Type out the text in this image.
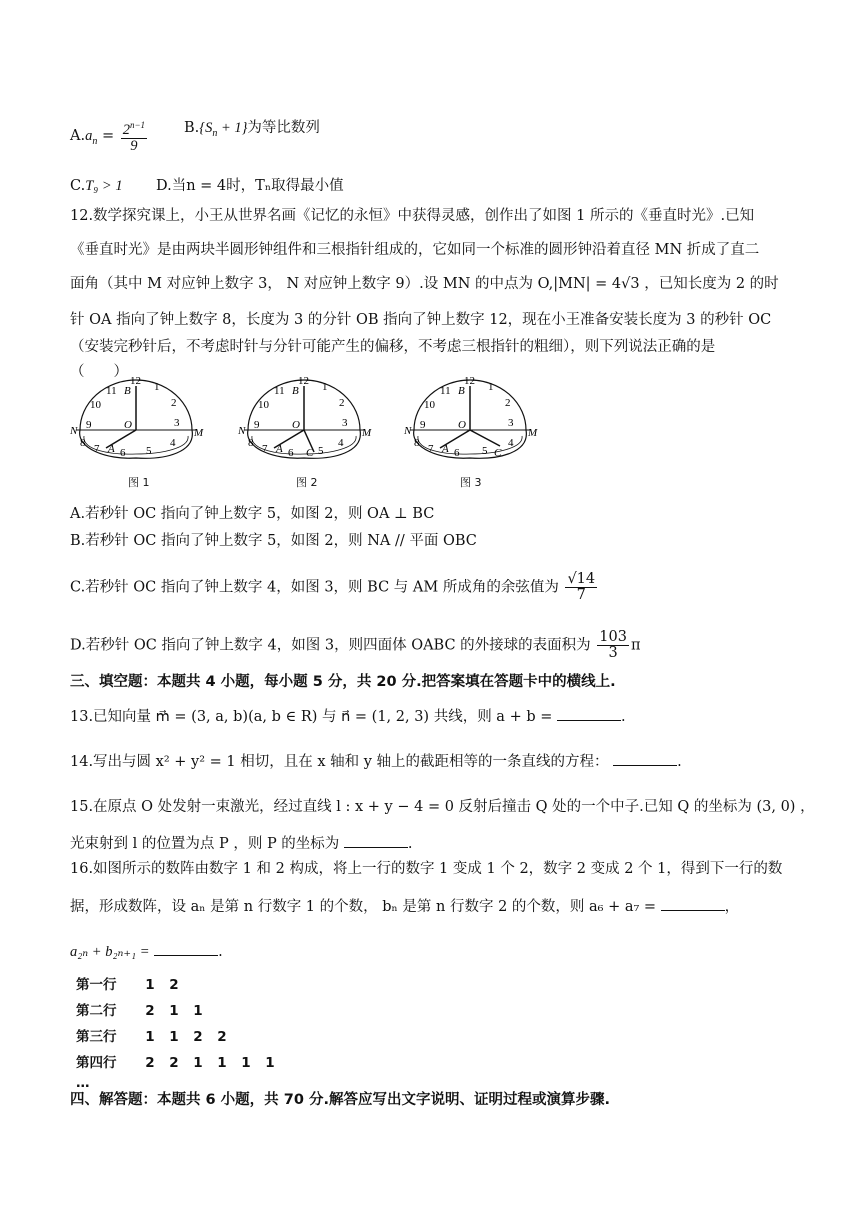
$A.a_n = \frac{2^{n-1}}{9}$	$B.\{S_n + 1\}$为等比数列
C.T₉ > 1 D.当n = 4时，Tₙ取得最小值
12.数学探究课上，小王从世界名画《记忆的永恒》中获得灵感，创作出了如图 1 所示的《垂直时光》.已知
《垂直时光》是由两块半圆形钟组件和三根指针组成的，它如同一个标准的圆形钟沿着直径 MN 折成了直二
面角（其中 M 对应钟上数字 3， N 对应钟上数字 9）.设 MN 的中点为 O,|MN| = 4√3 ，已知长度为 2 的时
针 OA 指向了钟上数字 8，长度为 3 的分针 OB 指向了钟上数字 12，现在小王准备安装长度为 3 的秒针 OC
（安装完秒针后，不考虑时针与分针可能产生的偏移，不考虑三根指针的粗细），则下列说法正确的是
（　　）
12 1
2
3
4
5
6
7
8
9
10
11 B
O
A
N	M
图 1
12 1
2
3
4
5
6
7
8
9
10
11 B
O
A C
N	M
图 2
12 1
2
3
4
5
6
7
8
9
10
11 B
O
A	C
N	M
图 3
A.若秒针 OC 指向了钟上数字 5，如图 2，则 OA ⊥ BC
B.若秒针 OC 指向了钟上数字 5，如图 2，则 NA // 平面 OBC
C.若秒针 OC 指向了钟上数字 4，如图 3，则 BC 与 AM 所成角的余弦值为 $\frac{√14}{7}$
D.若秒针 OC 指向了钟上数字 4，如图 3，则四面体 OABC 的外接球的表面积为 $\frac{103}{3}$ π
三、填空题：本题共 4 小题，每小题 5 分，共 20 分.把答案填在答题卡中的横线上.
13.已知向量 m⃗ = (3, a, b)(a, b ∈ R) 与 n⃗ = (1, 2, 3) 共线，则 a + b =	.
14.写出与圆 x² + y² = 1 相切，且在 x 轴和 y 轴上的截距相等的一条直线的方程：	.
15.在原点 O 处发射一束激光，经过直线 l : x + y − 4 = 0 反射后撞击 Q 处的一个中子.已知 Q 的坐标为 (3, 0) ，
光束射到 l 的位置为点 P ，则 P 的坐标为	.
16.如图所示的数阵由数字 1 和 2 构成，将上一行的数字 1 变成 1 个 2，数字 2 变成 2 个 1，得到下一行的数
据，形成数阵，设 aₙ 是第 n 行数字 1 的个数， bₙ 是第 n 行数字 2 的个数，则 a₆ + a₇ =	，
a₂ₙ + b₂ₙ₊₁ =	.
第一行 1 2
第二行 2 1 1
第三行 1 1 2 2
第四行 2 2 1 1 1 1
…
四、解答题：本题共 6 小题，共 70 分.解答应写出文字说明、证明过程或演算步骤.
